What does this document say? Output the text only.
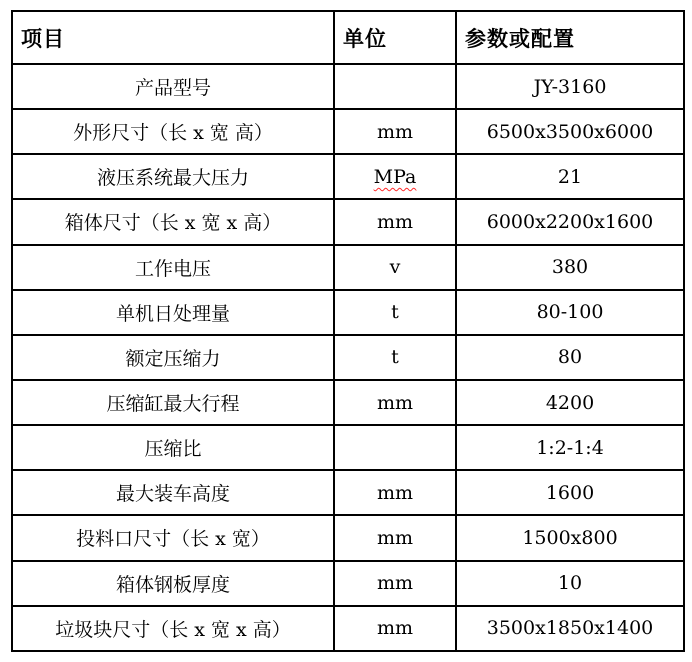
项目	单位	参数或配置
产品型号		JY-3160
外形尺寸（长 x 宽 高）	mm	6500x3500x6000
液压系统最大压力	MPa	21
箱体尺寸（长 x 宽 x 高）	mm	6000x2200x1600
工作电压	v	380
单机日处理量	t	80-100
额定压缩力	t	80
压缩缸最大行程	mm	4200
压缩比		1:2-1:4
最大装车高度	mm	1600
投料口尺寸（长 x 宽）	mm	1500x800
箱体钢板厚度	mm	10
垃圾块尺寸（长 x 宽 x 高）	mm	3500x1850x1400
